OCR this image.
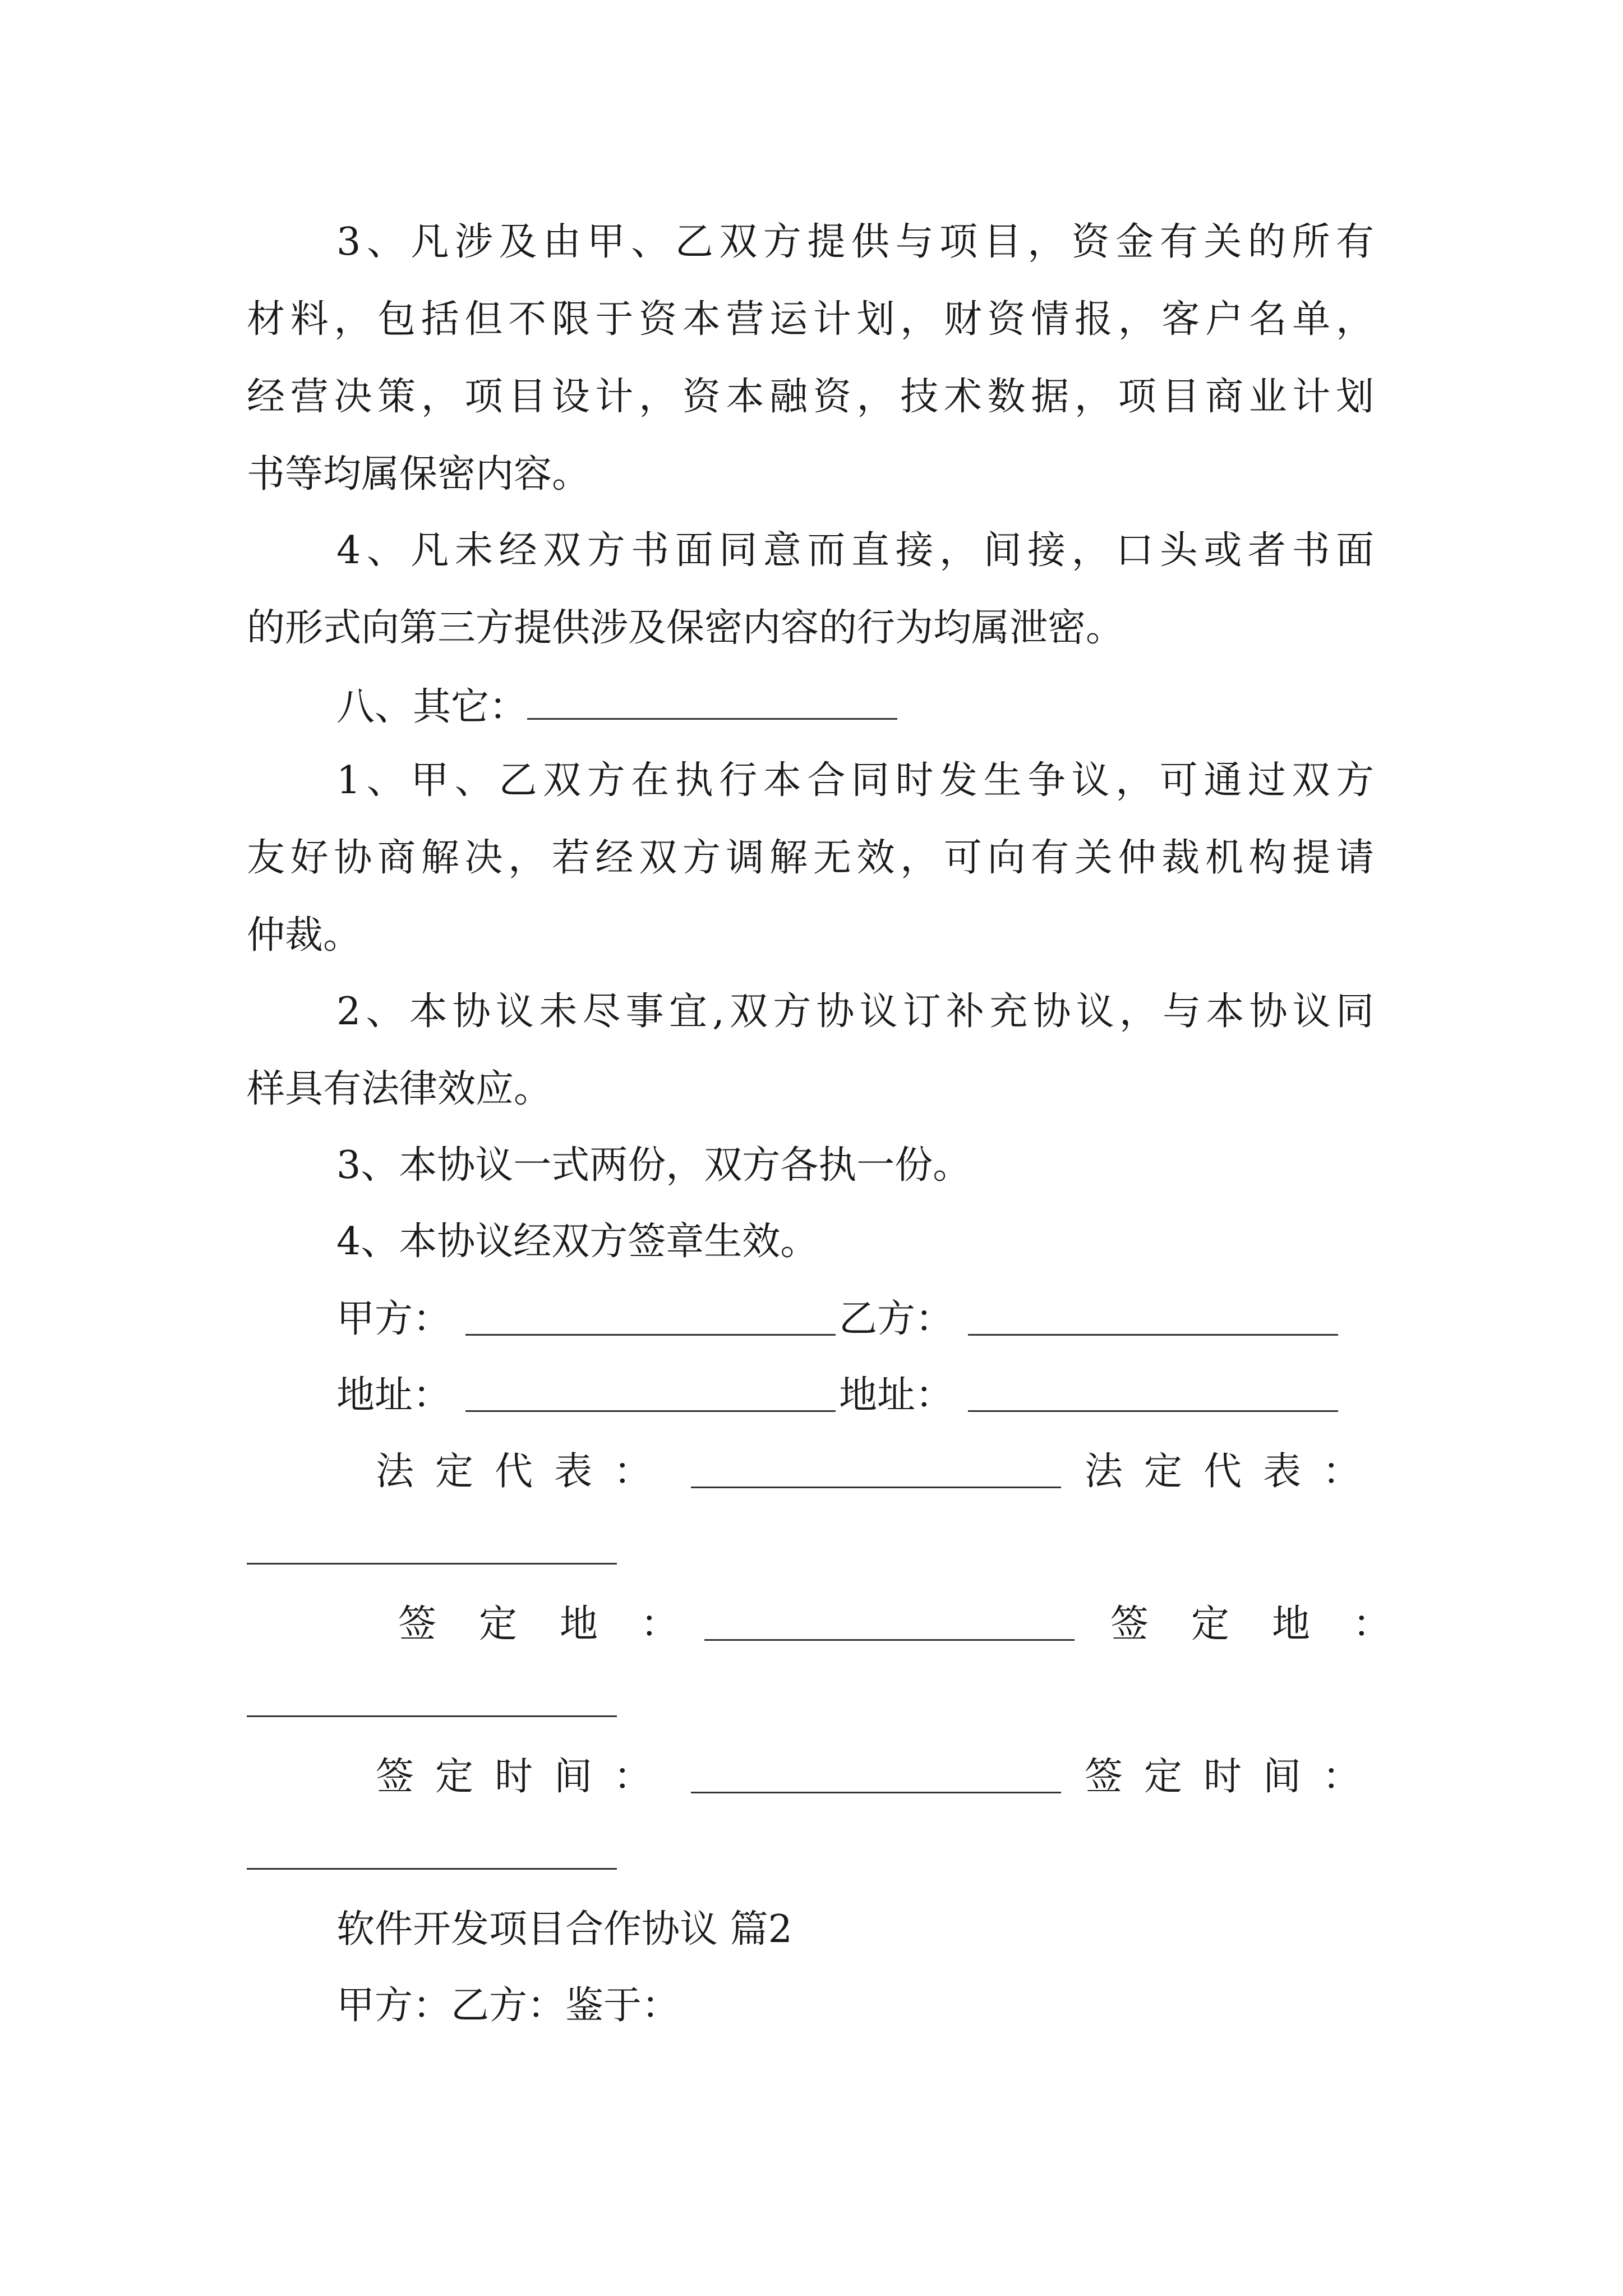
3、凡涉及由甲、乙双方提供与项目，资金有关的所有
材料，包括但不限于资本营运计划，财资情报，客户名单，
经营决策，项目设计，资本融资，技术数据，项目商业计划
书等均属保密内容。
4、凡未经双方书面同意而直接，间接，口头或者书面
的形式向第三方提供涉及保密内容的行为均属泄密。
八、其它：
1、甲、乙双方在执行本合同时发生争议，可通过双方
友好协商解决，若经双方调解无效，可向有关仲裁机构提请
仲裁。
2、本协议未尽事宜,双方协议订补充协议，与本协议同
样具有法律效应。
3、本协议一式两份，双方各执一份。
4、本协议经双方签章生效。
甲方：	乙方：
地址：	地址：
法定代表：	法定代表：
签定地：	签定地：
签定时间：	签定时间：
软件开发项目合作协议 篇2
甲方：乙方：鉴于：
